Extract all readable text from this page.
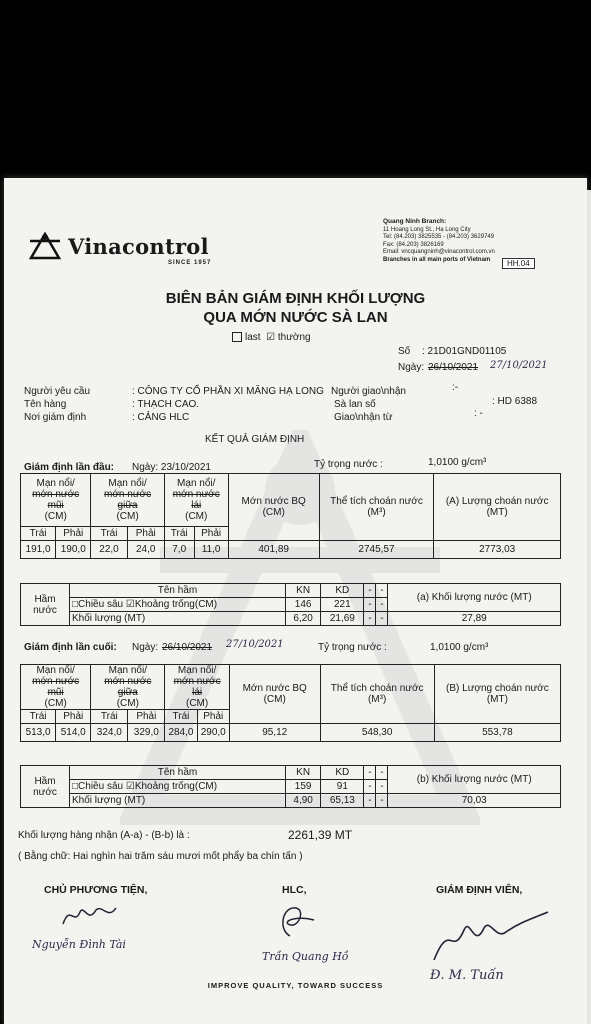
Vinacontrol
SINCE 1957
Quang Ninh Branch:
11 Hoang Long St., Ha Long City
Tel: (84.203) 3825535 - (84.203) 3629749
Fax: (84.203) 3826169
Email: vncquangninh@vinacontrol.com.vn
Branches in all main ports of Vietnam	HH.04
BIÊN BẢN GIÁM ĐỊNH KHỐI LƯỢNG
QUA MỚN NƯỚC SÀ LAN
last ☑ thường
Số : 21D01GND01105
Ngày: 26/10/2021 27/10/2021
Người yêu cầu	: CÔNG TY CỔ PHẦN XI MĂNG HẠ LONG
Tên hàng	: THẠCH CAO.
Nơi giám định	: CẢNG HLC
Người giao\nhận	:-
Sà lan số	: HD 6388
Giao\nhận từ	: -
KẾT QUẢ GIÁM ĐỊNH
Giám định lần đầu: Ngày: 23/10/2021	Tỷ trọng nước :	1,0100 g/cm³
Mạn nổi/
mớn nước mũi
(CM)		Mạn nổi/
mớn nước giữa
(CM)		Mạn nổi/
mớn nước lái
(CM)		Mớn nước BQ (CM)	Thể tích choán nước (M³)	(A) Lượng choán nước (MT)
Trái	Phải	Trái	Phải	Trái	Phải			
191,0	190,0	22,0	24,0	7,0	11,0	401,89	2745,57	2773,03
Hầm nước	Tên hầm	KN	KD	-	-	(a) Khối lượng nước (MT)
	□Chiều sâu ☑Khoảng trống(CM)	146	221	-	-	
	Khối lượng (MT)	6,20	21,69	-	-	27,89
Giám định lần cuối: Ngày: 26/10/2021 27/10/2021	Tỷ trọng nước :	1,0100 g/cm³
Mạn nổi/
mớn nước mũi
(CM)		Mạn nổi/
mớn nước giữa
(CM)		Mạn nổi/
mớn nước lái
(CM)		Mớn nước BQ (CM)	Thể tích choán nước (M³)	(B) Lượng choán nước (MT)
Trái	Phải	Trái	Phải	Trái	Phải			
513,0	514,0	324,0	329,0	284,0	290,0	95,12	548,30	553,78
Hầm nước	Tên hầm	KN	KD	-	-	(b) Khối lượng nước (MT)
	□Chiều sâu ☑Khoảng trống(CM)	159	91	-	-	
	Khối lượng (MT)	4,90	65,13	-	-	70,03
Khối lượng hàng nhận (A-a) - (B-b) là :	2261,39 MT
( Bằng chữ: Hai nghìn hai trăm sáu mươi mốt phẩy ba chín tấn )
CHỦ PHƯƠNG TIỆN,	HLC,	GIÁM ĐỊNH VIÊN,
Nguyễn Đình Tài
Trần Quang Hồ
Đ. M. Tuấn
IMPROVE QUALITY, TOWARD SUCCESS
